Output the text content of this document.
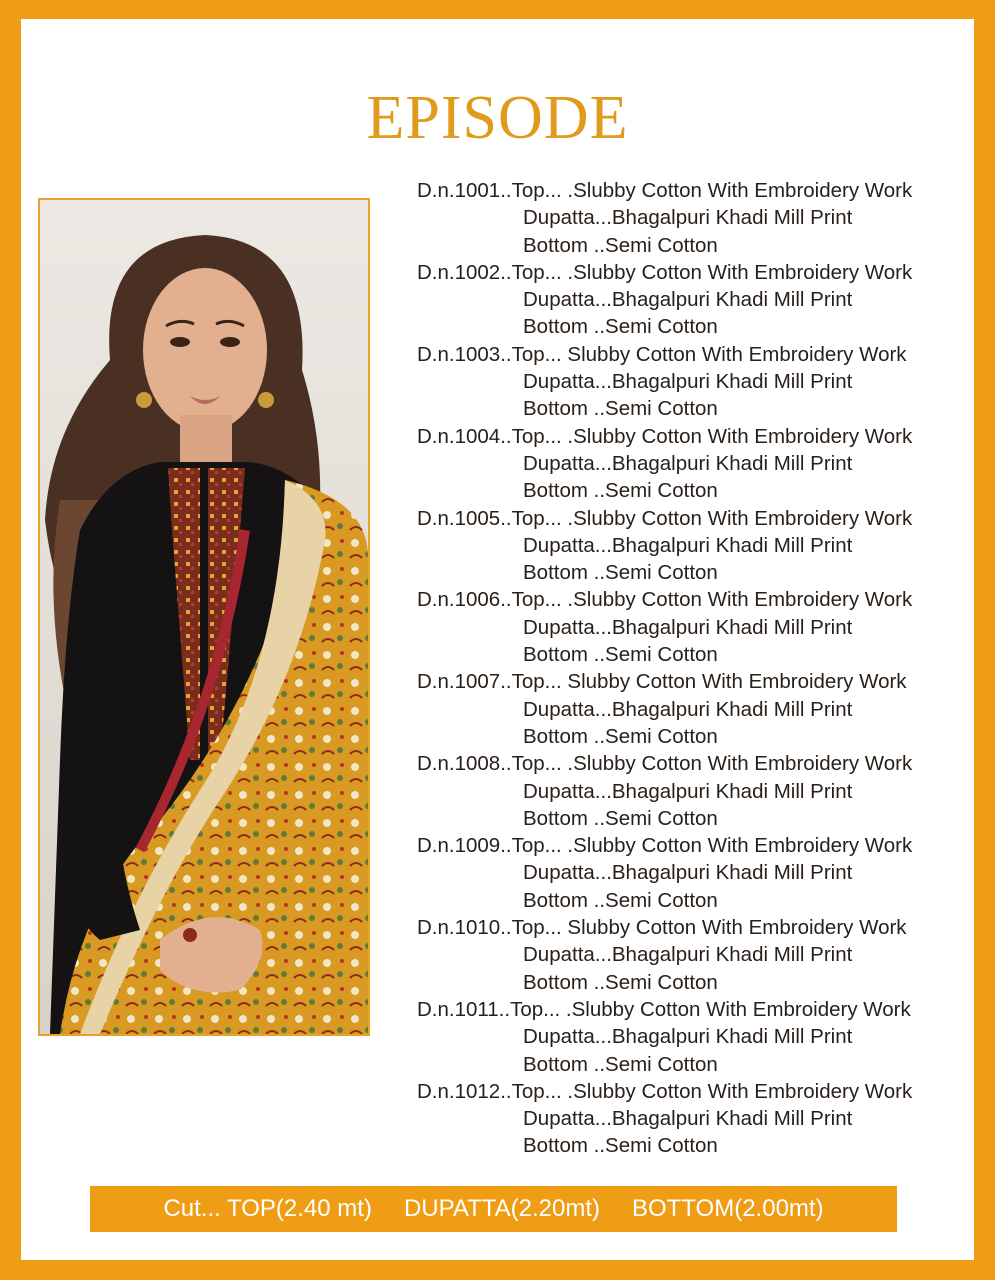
EPISODE
D.n.1001..Top... .Slubby Cotton With Embroidery Work
Dupatta...Bhagalpuri Khadi Mill Print
Bottom ..Semi Cotton
D.n.1002..Top... .Slubby Cotton With Embroidery Work
Dupatta...Bhagalpuri Khadi Mill Print
Bottom ..Semi Cotton
D.n.1003..Top... Slubby Cotton With Embroidery Work
Dupatta...Bhagalpuri Khadi Mill Print
Bottom ..Semi Cotton
D.n.1004..Top... .Slubby Cotton With Embroidery Work
Dupatta...Bhagalpuri Khadi Mill Print
Bottom ..Semi Cotton
D.n.1005..Top... .Slubby Cotton With Embroidery Work
Dupatta...Bhagalpuri Khadi Mill Print
Bottom ..Semi Cotton
D.n.1006..Top... .Slubby Cotton With Embroidery Work
Dupatta...Bhagalpuri Khadi Mill Print
Bottom ..Semi Cotton
D.n.1007..Top... Slubby Cotton With Embroidery Work
Dupatta...Bhagalpuri Khadi Mill Print
Bottom ..Semi Cotton
D.n.1008..Top... .Slubby Cotton With Embroidery Work
Dupatta...Bhagalpuri Khadi Mill Print
Bottom ..Semi Cotton
D.n.1009..Top... .Slubby Cotton With Embroidery Work
Dupatta...Bhagalpuri Khadi Mill Print
Bottom ..Semi Cotton
D.n.1010..Top... Slubby Cotton With Embroidery Work
Dupatta...Bhagalpuri Khadi Mill Print
Bottom ..Semi Cotton
D.n.1011..Top... .Slubby Cotton With Embroidery Work
Dupatta...Bhagalpuri Khadi Mill Print
Bottom ..Semi Cotton
D.n.1012..Top... .Slubby Cotton With Embroidery Work
Dupatta...Bhagalpuri Khadi Mill Print
Bottom ..Semi Cotton
Cut... TOP(2.40 mt) DUPATTA(2.20mt) BOTTOM(2.00mt)
